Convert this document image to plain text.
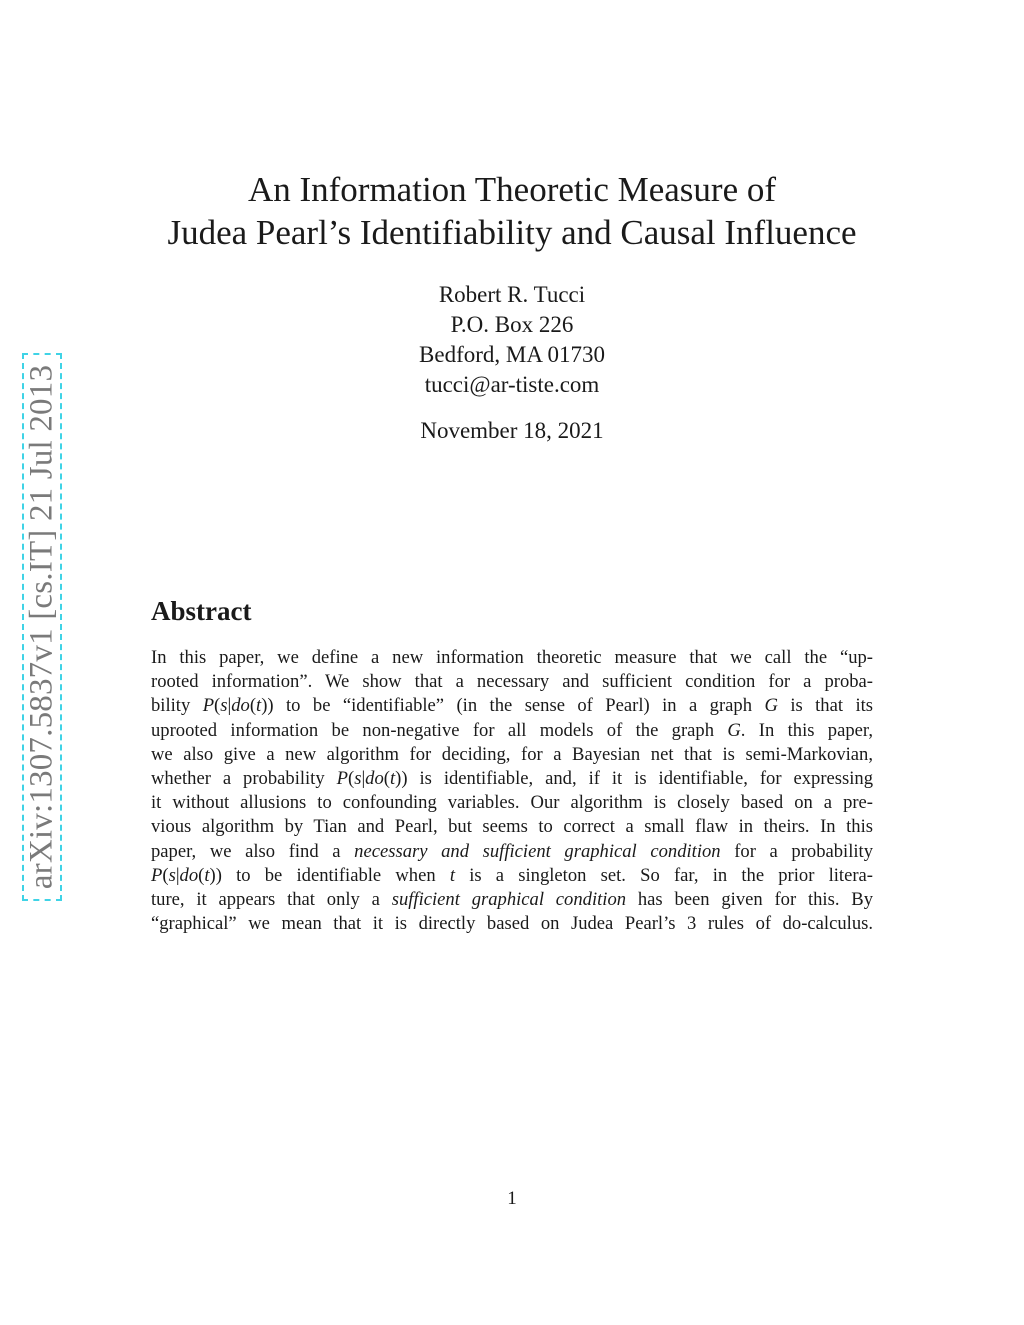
arXiv:1307.5837v1 [cs.IT] 21 Jul 2013
An Information Theoretic Measure of
Judea Pearl’s Identifiability and Causal Influence
Robert R. Tucci
P.O. Box 226
Bedford, MA 01730
tucci@ar-tiste.com
November 18, 2021
Abstract
In this paper, we define a new information theoretic measure that we call the “up-
rooted information”. We show that a necessary and sufficient condition for a proba-
bility P(s|do(t)) to be “identifiable” (in the sense of Pearl) in a graph G is that its
uprooted information be non-negative for all models of the graph G. In this paper,
we also give a new algorithm for deciding, for a Bayesian net that is semi-Markovian,
whether a probability P(s|do(t)) is identifiable, and, if it is identifiable, for expressing
it without allusions to confounding variables. Our algorithm is closely based on a pre-
vious algorithm by Tian and Pearl, but seems to correct a small flaw in theirs. In this
paper, we also find a necessary and sufficient graphical condition for a probability
P(s|do(t)) to be identifiable when t is a singleton set. So far, in the prior litera-
ture, it appears that only a sufficient graphical condition has been given for this. By
“graphical” we mean that it is directly based on Judea Pearl’s 3 rules of do-calculus.
1
